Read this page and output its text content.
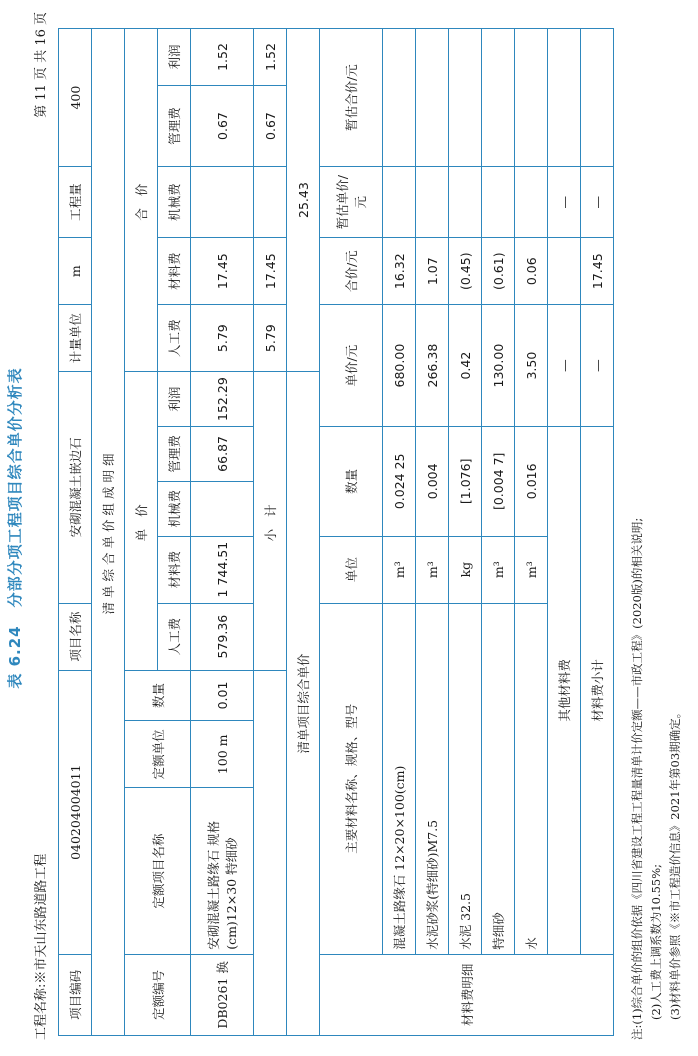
表 6.24分部分项工程项目综合单价分析表
工程名称:※市天山东路道路工程
第 11 页 共 16 页
项目编码	040204004011			项目名称	安砌混凝土嵌边石				计量单位	m	工程量	400	
清单综合单价组成明细													
定额编号	定额项目名称	定额单位	数量	单 价					合 价				
				人工费	材料费	机械费	管理费	利润	人工费	材料费	机械费	管理费	利润
DB0261 换	安砌混凝土路缘石 规格(cm)12×30 特细砂	100 m	0.01	579.36	1 744.51		66.87	152.29	5.79	17.45		0.67	1.52
				小 计					5.79	17.45		0.67	1.52
清单项目综合单价									25.43				
材料费明细	主要材料名称、规格、型号				单位	数量		单价/元		合价/元	暂估单价/元	暂估合价/元	
	混凝土路缘石 12×20×100(cm)				m³	0.024 25		680.00		16.32			
	水泥砂浆(特细砂)M7.5				m³	0.004		266.38		1.07			
	水泥 32.5				kg	[1.076]		0.42		(0.45)			
	特细砂				m³	[0.004 7]		130.00		(0.61)			
	水				m³	0.016		3.50		0.06			
	其他材料费							—			—		
	材料费小计							—		17.45	—		
注:(1)综合单价的组价依据《四川省建设工程工程量清单计价定额——市政工程》(2020版)的相关说明; (2)人工费上调系数为10.55%; (3)材料单价参照《※市工程造价信息》2021年第03期确定。
